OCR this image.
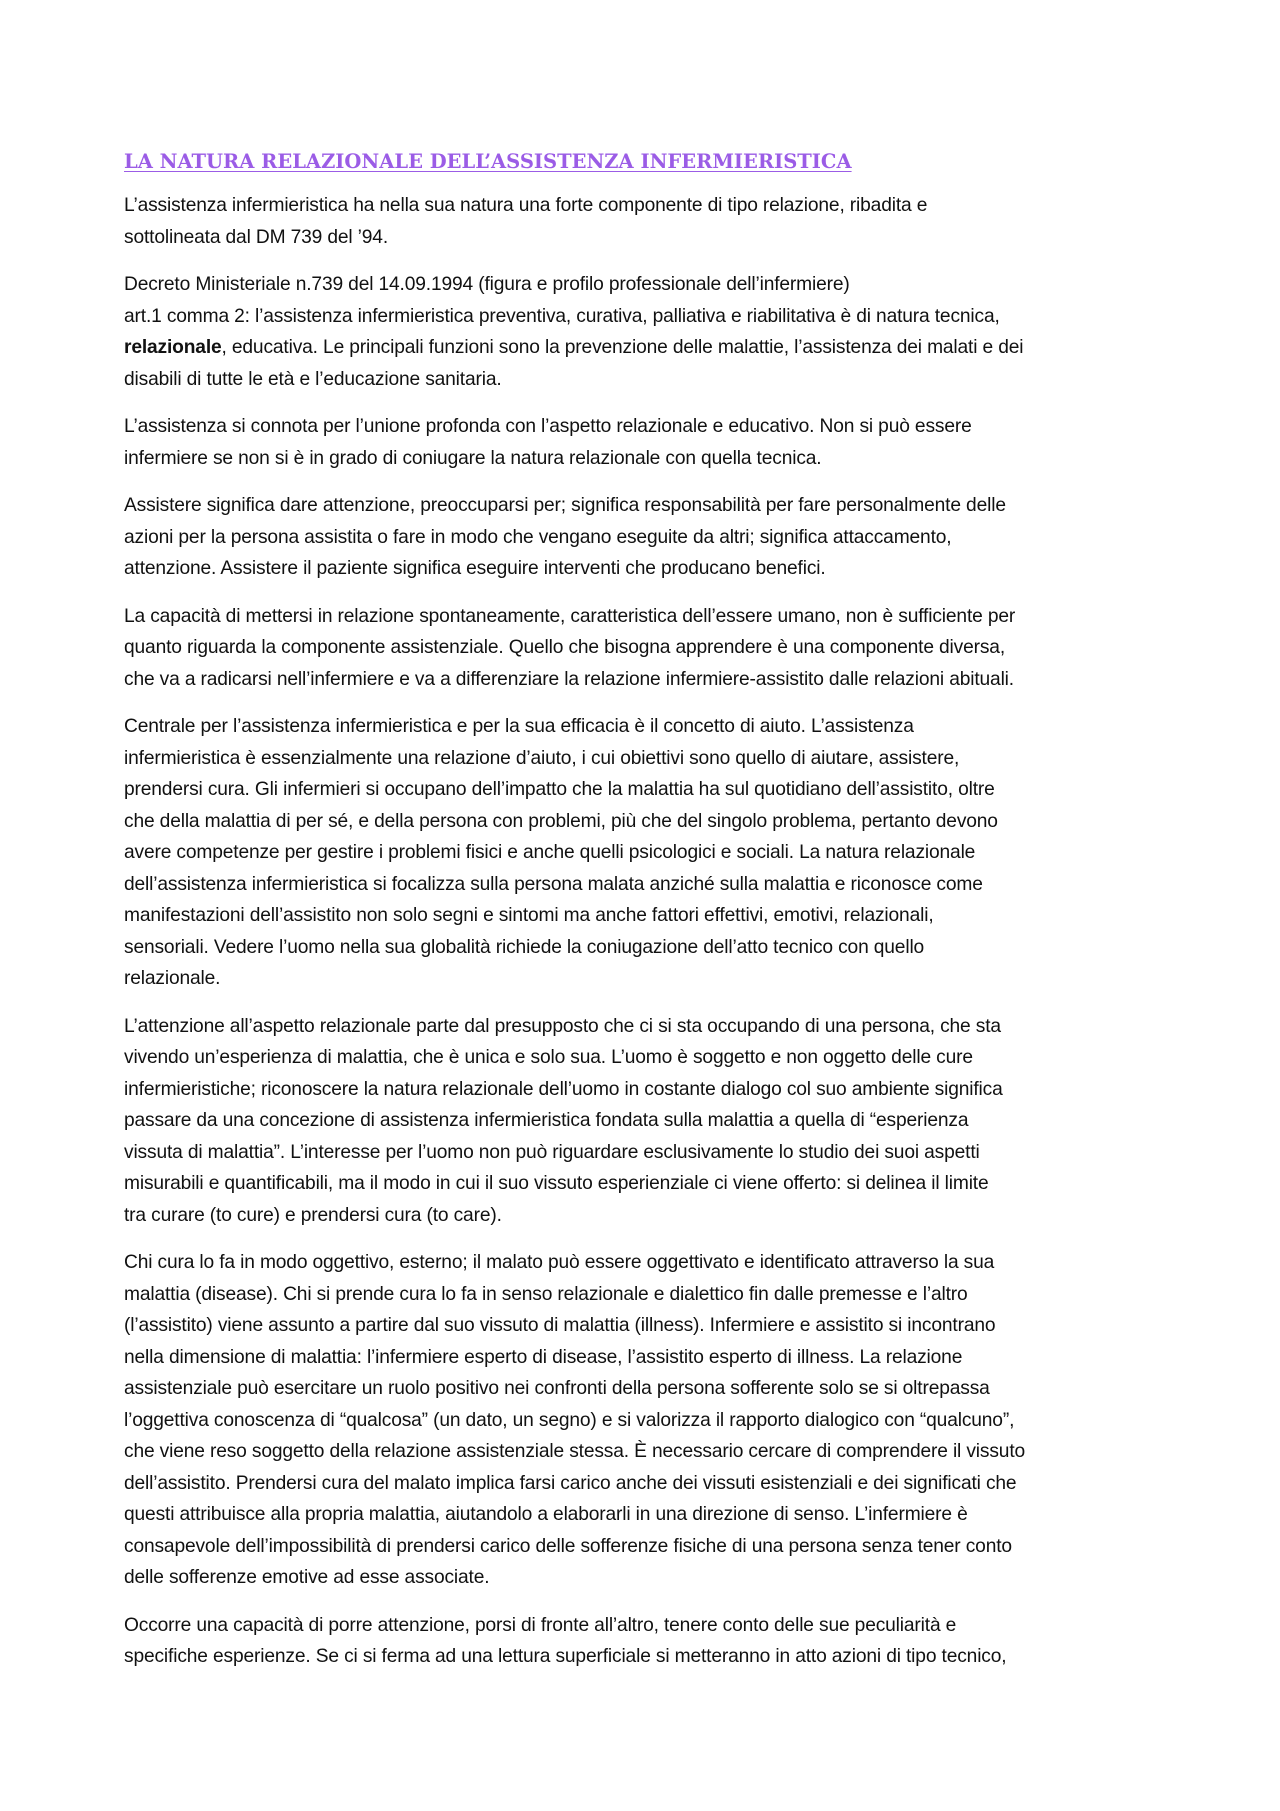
LA NATURA RELAZIONALE DELL’ASSISTENZA INFERMIERISTICA
L’assistenza infermieristica ha nella sua natura una forte componente di tipo relazione, ribadita e
sottolineata dal DM 739 del ’94.
Decreto Ministeriale n.739 del 14.09.1994 (figura e profilo professionale dell’infermiere)
art.1 comma 2: l’assistenza infermieristica preventiva, curativa, palliativa e riabilitativa è di natura tecnica,
relazionale, educativa. Le principali funzioni sono la prevenzione delle malattie, l’assistenza dei malati e dei
disabili di tutte le età e l’educazione sanitaria.
L’assistenza si connota per l’unione profonda con l’aspetto relazionale e educativo. Non si può essere
infermiere se non si è in grado di coniugare la natura relazionale con quella tecnica.
Assistere significa dare attenzione, preoccuparsi per; significa responsabilità per fare personalmente delle
azioni per la persona assistita o fare in modo che vengano eseguite da altri; significa attaccamento,
attenzione. Assistere il paziente significa eseguire interventi che producano benefici.
La capacità di mettersi in relazione spontaneamente, caratteristica dell’essere umano, non è sufficiente per
quanto riguarda la componente assistenziale. Quello che bisogna apprendere è una componente diversa,
che va a radicarsi nell’infermiere e va a differenziare la relazione infermiere-assistito dalle relazioni abituali.
Centrale per l’assistenza infermieristica e per la sua efficacia è il concetto di aiuto. L’assistenza
infermieristica è essenzialmente una relazione d’aiuto, i cui obiettivi sono quello di aiutare, assistere,
prendersi cura. Gli infermieri si occupano dell’impatto che la malattia ha sul quotidiano dell’assistito, oltre
che della malattia di per sé, e della persona con problemi, più che del singolo problema, pertanto devono
avere competenze per gestire i problemi fisici e anche quelli psicologici e sociali. La natura relazionale
dell’assistenza infermieristica si focalizza sulla persona malata anziché sulla malattia e riconosce come
manifestazioni dell’assistito non solo segni e sintomi ma anche fattori effettivi, emotivi, relazionali,
sensoriali. Vedere l’uomo nella sua globalità richiede la coniugazione dell’atto tecnico con quello
relazionale.
L’attenzione all’aspetto relazionale parte dal presupposto che ci si sta occupando di una persona, che sta
vivendo un’esperienza di malattia, che è unica e solo sua. L’uomo è soggetto e non oggetto delle cure
infermieristiche; riconoscere la natura relazionale dell’uomo in costante dialogo col suo ambiente significa
passare da una concezione di assistenza infermieristica fondata sulla malattia a quella di “esperienza
vissuta di malattia”. L’interesse per l’uomo non può riguardare esclusivamente lo studio dei suoi aspetti
misurabili e quantificabili, ma il modo in cui il suo vissuto esperienziale ci viene offerto: si delinea il limite
tra curare (to cure) e prendersi cura (to care).
Chi cura lo fa in modo oggettivo, esterno; il malato può essere oggettivato e identificato attraverso la sua
malattia (disease). Chi si prende cura lo fa in senso relazionale e dialettico fin dalle premesse e l’altro
(l’assistito) viene assunto a partire dal suo vissuto di malattia (illness). Infermiere e assistito si incontrano
nella dimensione di malattia: l’infermiere esperto di disease, l’assistito esperto di illness. La relazione
assistenziale può esercitare un ruolo positivo nei confronti della persona sofferente solo se si oltrepassa
l’oggettiva conoscenza di “qualcosa” (un dato, un segno) e si valorizza il rapporto dialogico con “qualcuno”,
che viene reso soggetto della relazione assistenziale stessa. È necessario cercare di comprendere il vissuto
dell’assistito. Prendersi cura del malato implica farsi carico anche dei vissuti esistenziali e dei significati che
questi attribuisce alla propria malattia, aiutandolo a elaborarli in una direzione di senso. L’infermiere è
consapevole dell’impossibilità di prendersi carico delle sofferenze fisiche di una persona senza tener conto
delle sofferenze emotive ad esse associate.
Occorre una capacità di porre attenzione, porsi di fronte all’altro, tenere conto delle sue peculiarità e
specifiche esperienze. Se ci si ferma ad una lettura superficiale si metteranno in atto azioni di tipo tecnico,
